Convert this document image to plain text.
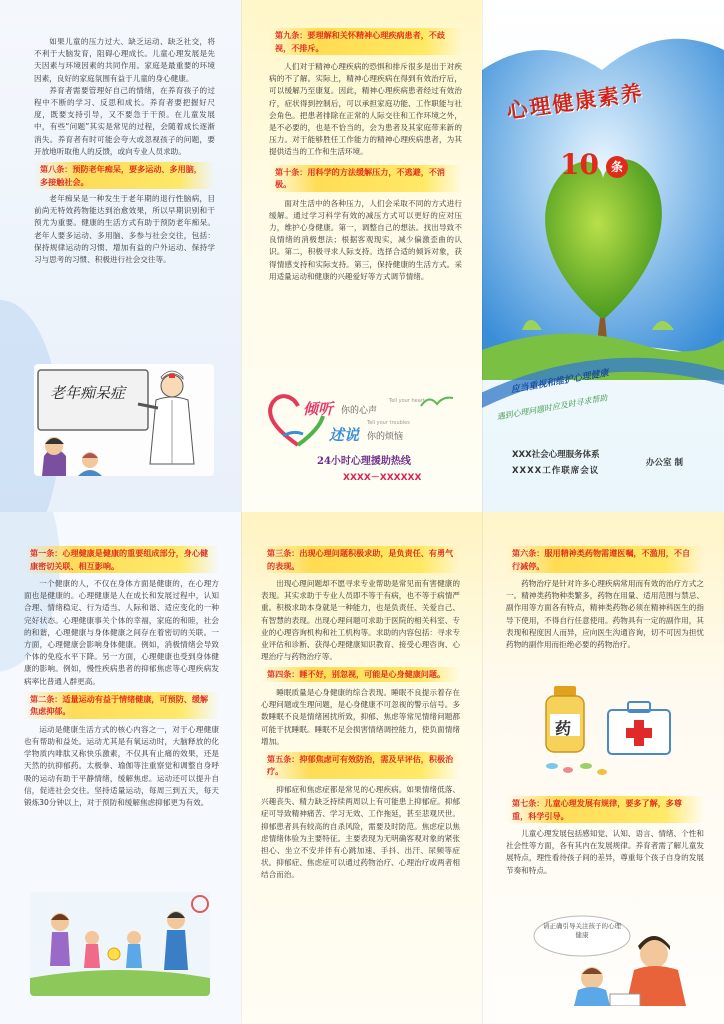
如果儿童的压力过大、缺乏运动、缺乏社交，将不利于大脑发育，阻碍心理成长。儿童心理发展是先天因素与环境因素的共同作用。家庭是最重要的环境因素，良好的家庭氛围有益于儿童的身心健康。

养育者需要管理好自己的情绪，在养育孩子的过程中不断的学习、反思和成长。养育者要把握好尺度，既要支持引导，又不要急于干预。在儿童发展中，有些“问题”其实是常见的过程，会随着成长逐渐消失。养育者有时可能会夸大或忽视孩子的问题，要开放地听取他人的反馈，或向专业人员求助。

第八条：预防老年痴呆，要多运动、多用脑，多接触社会。

老年痴呆是一种发生于老年期的退行性脑病，目前尚无特效药物能达到治愈效果，所以早期识别和干预尤为重要。健康的生活方式有助于预防老年痴呆。老年人要多运动、多用脑、多参与社会交往，包括：保持规律运动的习惯、增加有益的户外运动、保持学习与思考的习惯、积极进行社会交往等。

老年痴呆症

第九条：要理解和关怀精神心理疾病患者，不歧视，不排斥。

人们对于精神心理疾病的恐惧和排斥很多是出于对疾病的不了解。实际上，精神心理疾病在得到有效治疗后，可以缓解乃至康复。因此，精神心理疾病患者经过有效治疗，症状得到控制后，可以承担家庭功能、工作职能与社会角色。把患者排除在正常的人际交往和工作环境之外，是不必要的，也是不恰当的，会为患者及其家庭带来新的压力。对于能够胜任工作能力的精神心理疾病患者，为其提供适当的工作和生活环境。

第十条：用科学的方法缓解压力，不逃避，不消极。

面对生活中的各种压力，人们会采取不同的方式进行缓解。通过学习科学有效的减压方式可以更好的应对压力，维护心身健康。第一，调整自己的想法。找出导致不良情绪的消极想法；根据客观现实，减少偏激歪曲的认识。第二，积极寻求人际支持。选择合适的倾诉对象，获得情感支持和实际支持。第三，保持健康的生活方式。采用适量运动和健康的兴趣爱好等方式调节情绪。

倾听 你的心声
Tell your heart
述说 你的烦恼
Tell your troubles
24小时心理援助热线
XXXX－XXXXXX
心理健康素养
10	条
应当重视和维护心理健康
遇到心理问题时应及时寻求帮助
XXX社会心理服务体系
XXXX工作联席会议
办公室 制

第一条：心理健康是健康的重要组成部分，身心健康密切关联、相互影响。

一个健康的人，不仅在身体方面是健康的，在心理方面也是健康的。心理健康是人在成长和发展过程中，认知合理、情绪稳定、行为适当、人际和谐、适应变化的一种完好状态。心理健康事关个体的幸福，家庭的和睦，社会的和谐，心理健康与身体健康之间存在着密切的关联。一方面，心理健康会影响身体健康。例如，消极情绪会导致个体的免疫水平下降。另一方面，心理健康也受到身体健康的影响。例如，慢性疾病患者的抑郁焦虑等心理疾病发病率比普通人群更高。

第二条：适量运动有益于情绪健康，可预防、缓解焦虑抑郁。

运动是健康生活方式的核心内容之一，对于心理健康也有帮助和益处。运动尤其是有氧运动时，大脑释放的化学物质内啡肽又称快乐激素，不仅具有止痛的效果，还是天然的抗抑郁药。太极拳、瑜伽等注重察觉和调整自身呼吸的运动有助于平静情绪，缓解焦虑。运动还可以提升自信，促进社会交往。坚持适量运动，每周三到五天，每天锻炼30分钟以上，对于预防和缓解焦虑抑郁更为有效。

第三条：出现心理问题积极求助，是负责任、有勇气的表现。

出现心理问题却不愿寻求专业帮助是常见而有害健康的表现。其实求助于专业人员即不等于有病，也不等于病情严重。积极求助本身就是一种能力，也是负责任、关爱自己、有智慧的表现。出现心理问题可求助于医院的相关科室、专业的心理咨询机构和社工机构等。求助的内容包括：寻求专业评估和诊断、获得心理健康知识教育、接受心理咨询、心理治疗与药物治疗等。

第四条：睡不好，别忽视，可能是心身健康问题。

睡眠质量是心身健康的综合表现。睡眠不良提示着存在心理问题或生理问题，是心身健康不可忽视的警示信号。多数睡眠不良是情绪困扰所致，抑郁、焦虑等常见情绪问题都可能干扰睡眠。睡眠不足会损害情绪调控能力，使负面情绪增加。

第五条：抑郁焦虑可有效防治，需及早评估，积极治疗。

抑郁症和焦虑症都是常见的心理疾病。如果情绪低落、兴趣丧失、精力缺乏持续两周以上有可能患上抑郁症。抑郁症可导致精神痛苦、学习无效、工作拖延，甚至悲观厌世。抑郁患者具有较高的自杀风险，需要及时防范。焦虑症以焦虑情绪体验为主要特征。主要表现为无明确客观对象的紧张担心、坐立不安并伴有心跳加速、手抖、出汗、尿频等症状。抑郁症、焦虑症可以通过药物治疗、心理治疗或两者相结合而治。

第六条：服用精神类药物需遵医嘱，不滥用，不自行减停。

药物治疗是针对许多心理疾病常用而有效的治疗方式之一。精神类药物种类繁多，药物在用量、适用范围与禁忌、副作用等方面各有特点，精神类药物必须在精神科医生的指导下使用，不得自行任意使用。药物具有一定的副作用，其表现和程度因人而异，应向医生沟通咨询，切不可因为担忧药物的副作用而拒绝必要的药物治疗。

药

第七条：儿童心理发展有规律，要多了解，多尊重，科学引导。

儿童心理发展包括感知觉、认知、语言、情绪、个性和社会性等方面，各有其内在发展规律。养育者需了解儿童发展特点，理性看待孩子间的差异，尊重每个孩子自身的发展节奏和特点。

请正确引导关注孩子的心理健康
